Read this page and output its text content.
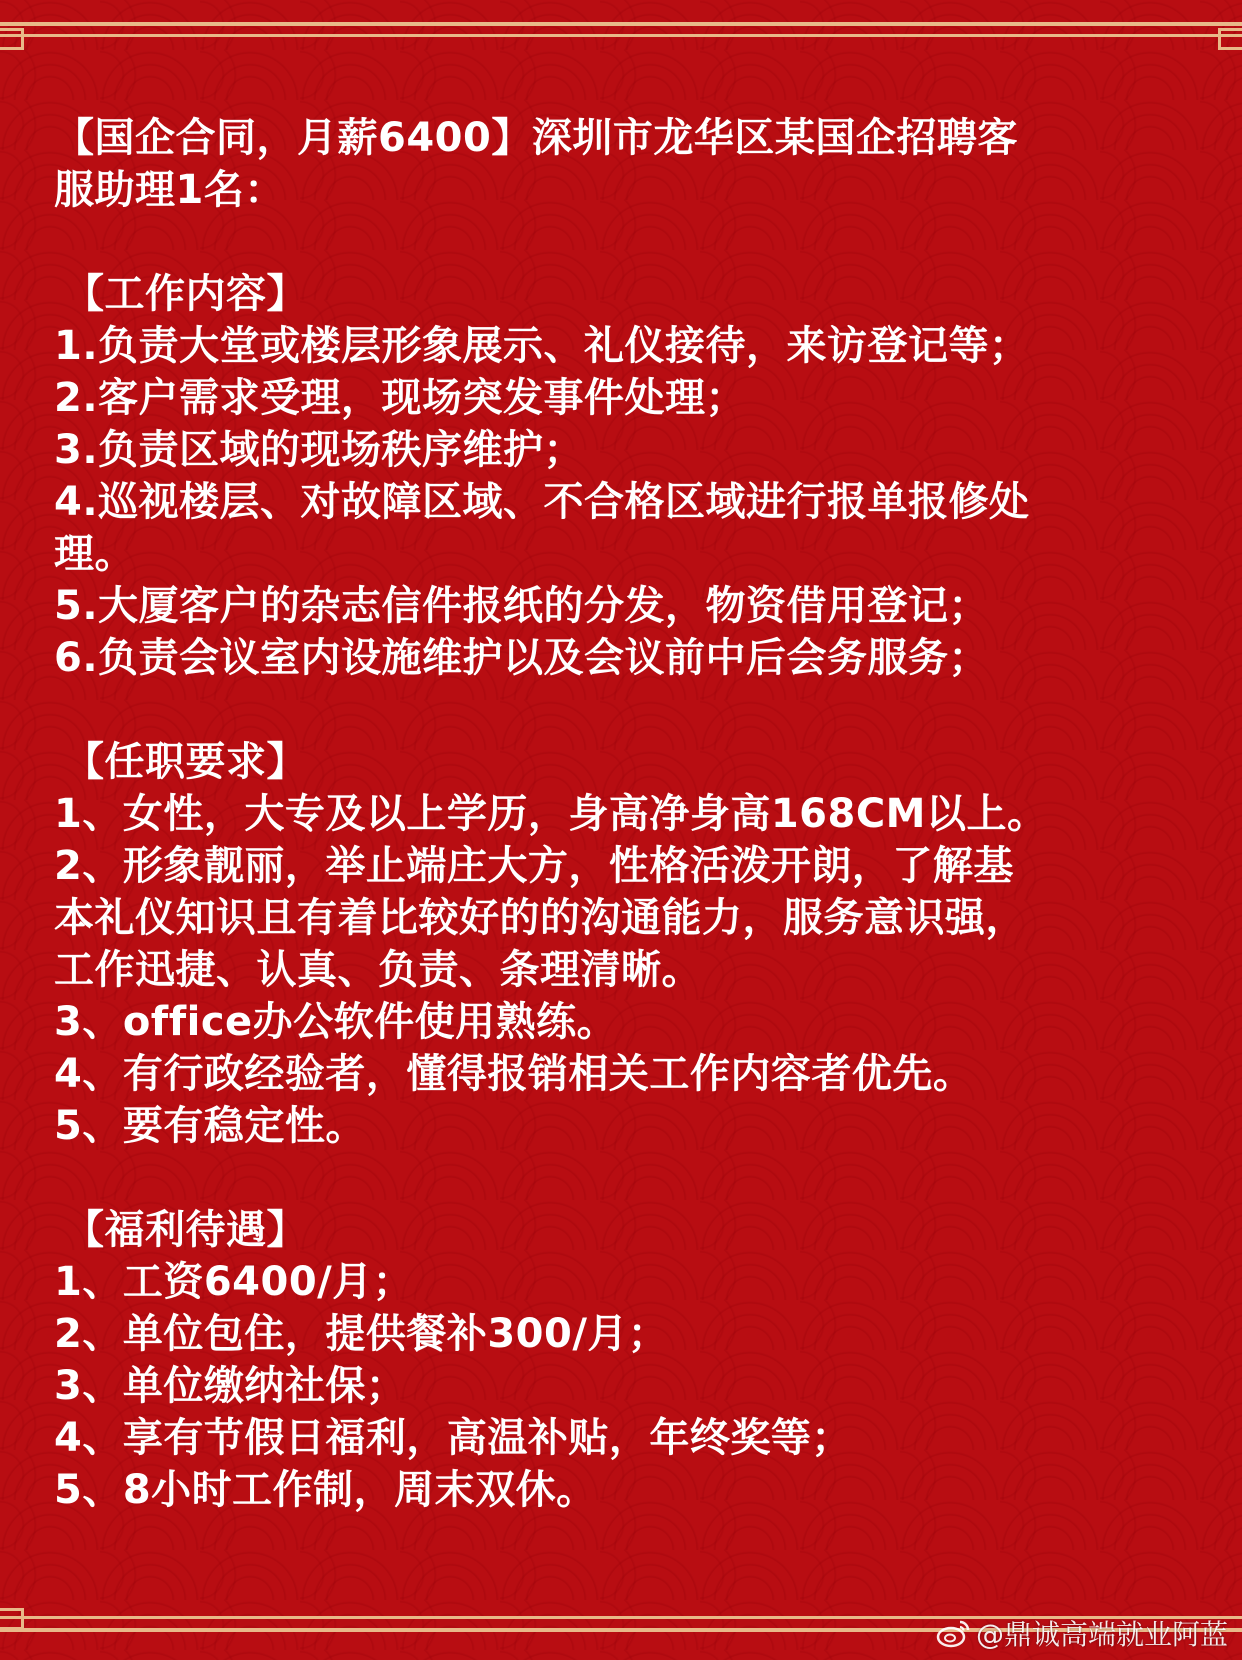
【国企合同，月薪6400】深圳市龙华区某国企招聘客

服助理1名：

【工作内容】

1.负责大堂或楼层形象展示、礼仪接待，来访登记等；

2.客户需求受理，现场突发事件处理；

3.负责区域的现场秩序维护；

4.巡视楼层、对故障区域、不合格区域进行报单报修处

理。

5.大厦客户的杂志信件报纸的分发，物资借用登记；

6.负责会议室内设施维护以及会议前中后会务服务；

【任职要求】

1、女性，大专及以上学历，身高净身高168CM以上。

2、形象靓丽，举止端庄大方，性格活泼开朗，了解基

本礼仪知识且有着比较好的的沟通能力，服务意识强，

工作迅捷、认真、负责、条理清晰。

3、office办公软件使用熟练。

4、有行政经验者，懂得报销相关工作内容者优先。

5、要有稳定性。

【福利待遇】

1、工资6400/月；

2、单位包住，提供餐补300/月；

3、单位缴纳社保；

4、享有节假日福利，高温补贴，年终奖等；

5、8小时工作制，周末双休。

@鼎诚高端就业阿蓝
